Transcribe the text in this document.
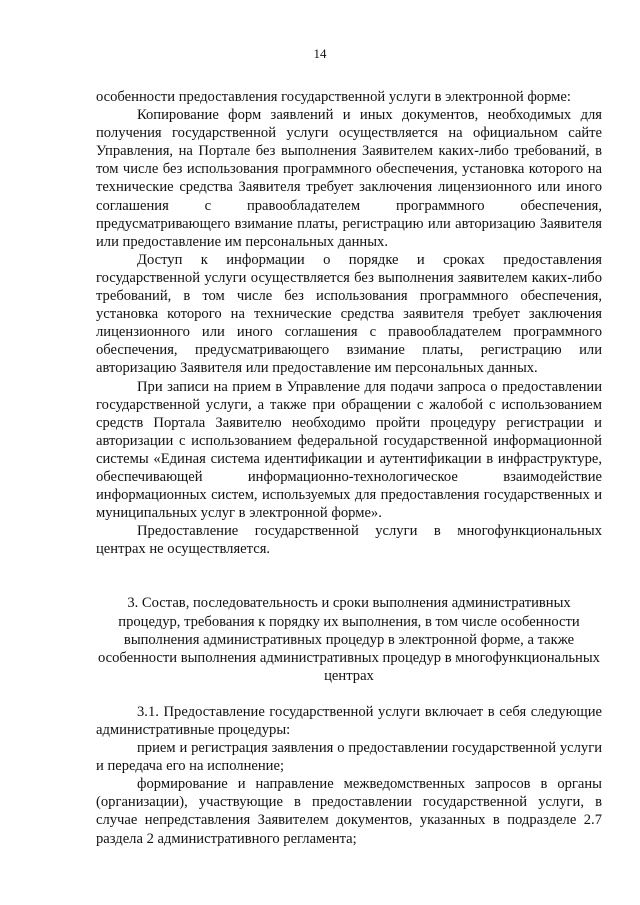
14

особенности предоставления государственной услуги в электронной форме:

Копирование форм заявлений и иных документов, необходимых для получения государственной услуги осуществляется на официальном сайте Управления, на Портале без выполнения Заявителем каких-либо требований, в том числе без использования программного обеспечения, установка которого на технические средства Заявителя требует заключения лицензионного или иного соглашения с правообладателем программного обеспечения, предусматривающего взимание платы, регистрацию или авторизацию Заявителя или предоставление им персональных данных.

Доступ к информации о порядке и сроках предоставления государственной услуги осуществляется без выполнения заявителем каких-либо требований, в том числе без использования программного обеспечения, установка которого на технические средства заявителя требует заключения лицензионного или иного соглашения с правообладателем программного обеспечения, предусматривающего взимание платы, регистрацию или авторизацию Заявителя или предоставление им персональных данных.

При записи на прием в Управление для подачи запроса о предоставлении государственной услуги, а также при обращении с жалобой с использованием средств Портала Заявителю необходимо пройти процедуру регистрации и авторизации с использованием федеральной государственной информационной системы «Единая система идентификации и аутентификации в инфраструктуре, обеспечивающей информационно-технологическое взаимодействие информационных систем, используемых для предоставления государственных и муниципальных услуг в электронной форме».

Предоставление государственной услуги в многофункциональных центрах не осуществляется.

3. Состав, последовательность и сроки выполнения административных процедур, требования к порядку их выполнения, в том числе особенности выполнения административных процедур в электронной форме, а также особенности выполнения административных процедур в многофункциональных центрах

3.1. Предоставление государственной услуги включает в себя следующие административные процедуры:

прием и регистрация заявления о предоставлении государственной услуги и передача его на исполнение;

формирование и направление межведомственных запросов в органы (организации), участвующие в предоставлении государственной услуги, в случае непредставления Заявителем документов, указанных в подразделе 2.7 раздела 2 административного регламента;
